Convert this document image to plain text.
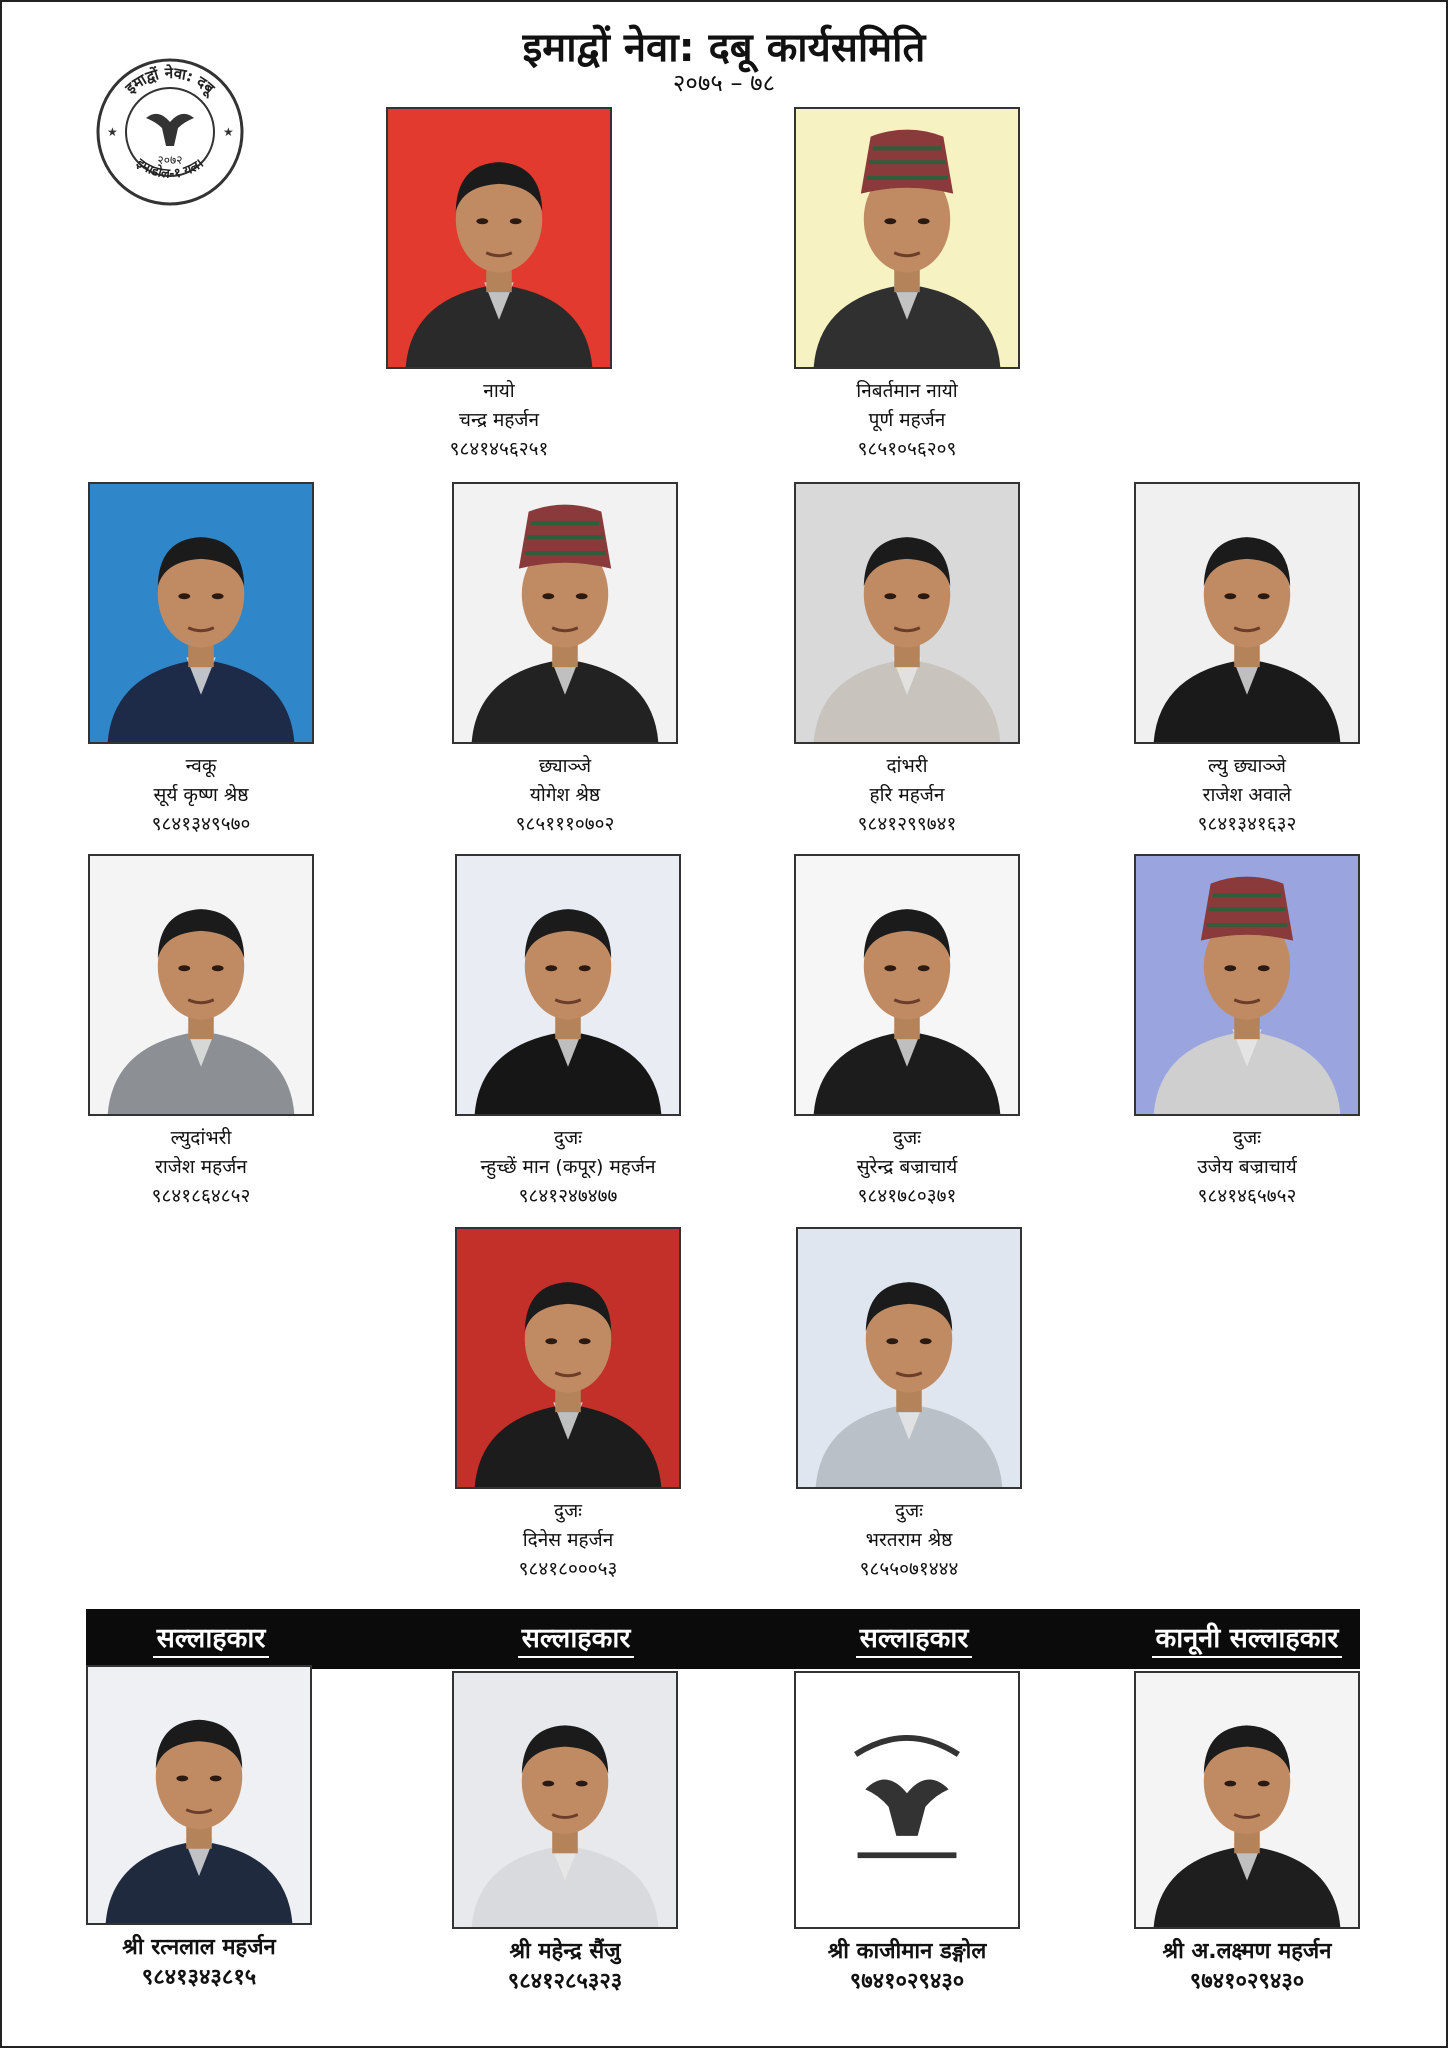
इमाद्वों नेवा: दबू कार्यसमिति
२०७५ – ७८
इमाद्वों नेवा: दबू
इमाडोल-१ यल।
२०७२
★	★
नायो
चन्द्र महर्जन
९८४१४५६२५१
निबर्तमान नायो
पूर्ण महर्जन
९८५१०५६२०९
न्वकू
सूर्य कृष्ण श्रेष्ठ
९८४१३४९५७०
छ्याञ्जे
योगेश श्रेष्ठ
९८५१११०७०२
दांभरी
हरि महर्जन
९८४१२९९७४१
ल्यु छ्याञ्जे
राजेश अवाले
९८४१३४१६३२
ल्युदांभरी
राजेश महर्जन
९८४१८६४८५२
दुजः
न्हुच्छें मान (कपूर) महर्जन
९८४१२४७४७७
दुजः
सुरेन्द्र बज्राचार्य
९८४१७८०३७१
दुजः
उजेय बज्राचार्य
९८४१४६५७५२
दुजः
दिनेस महर्जन
९८४१८०००५३
दुजः
भरतराम श्रेष्ठ
९८५५०७१४४४
सल्लाहकार
श्री रत्नलाल महर्जन
९८४१३४३८१५
सल्लाहकार
श्री महेन्द्र सैंजु
९८४१२८५३२३
सल्लाहकार
श्री काजीमान डङ्गोल
९७४१०२९४३०
कानूनी सल्लाहकार
श्री अ.लक्ष्मण महर्जन
९७४१०२९४३०
